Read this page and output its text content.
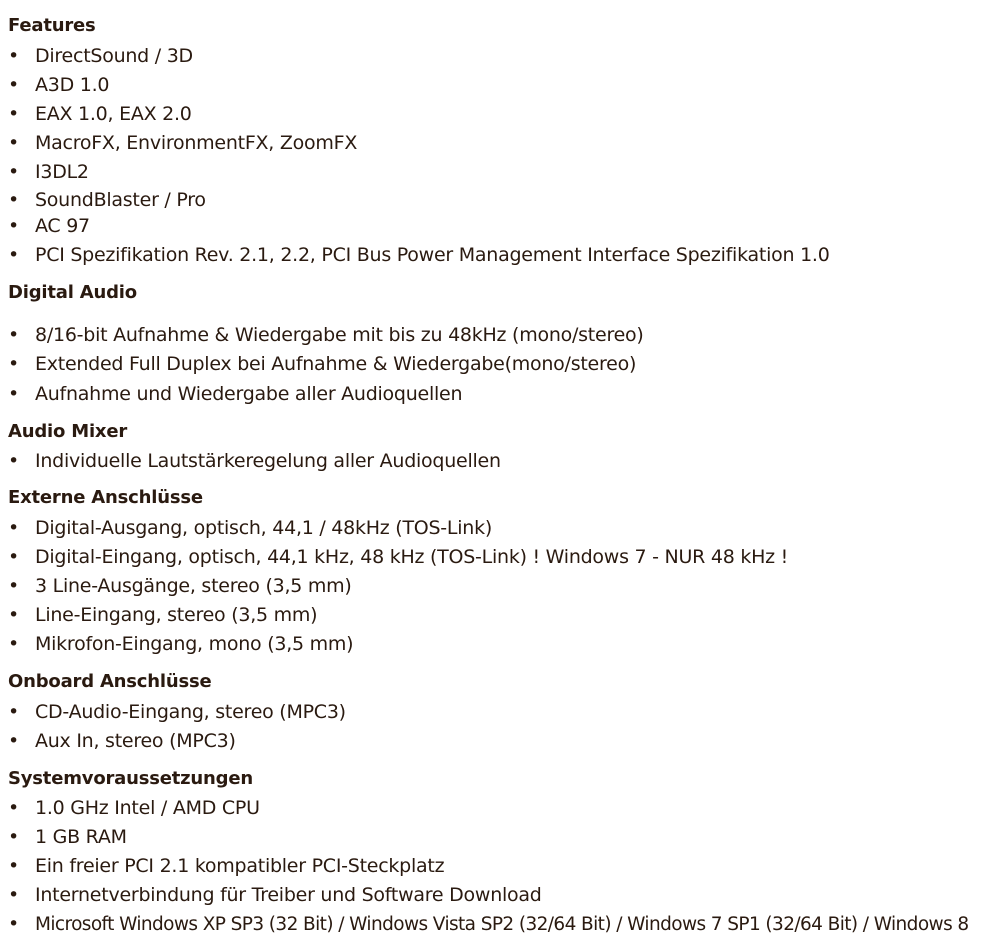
Features
• DirectSound / 3D
• A3D 1.0
• EAX 1.0, EAX 2.0
• MacroFX, EnvironmentFX, ZoomFX
• I3DL2
• SoundBlaster / Pro
• AC 97
• PCI Spezifikation Rev. 2.1, 2.2, PCI Bus Power Management Interface Spezifikation 1.0
Digital Audio
• 8/16-bit Aufnahme & Wiedergabe mit bis zu 48kHz (mono/stereo)
• Extended Full Duplex bei Aufnahme & Wiedergabe(mono/stereo)
• Aufnahme und Wiedergabe aller Audioquellen
Audio Mixer
• Individuelle Lautstärkeregelung aller Audioquellen
Externe Anschlüsse
• Digital-Ausgang, optisch, 44,1 / 48kHz (TOS-Link)
• Digital-Eingang, optisch, 44,1 kHz, 48 kHz (TOS-Link) ! Windows 7 - NUR 48 kHz !
• 3 Line-Ausgänge, stereo (3,5 mm)
• Line-Eingang, stereo (3,5 mm)
• Mikrofon-Eingang, mono (3,5 mm)
Onboard Anschlüsse
• CD-Audio-Eingang, stereo (MPC3)
• Aux In, stereo (MPC3)
Systemvoraussetzungen
• 1.0 GHz Intel / AMD CPU
• 1 GB RAM
• Ein freier PCI 2.1 kompatibler PCI-Steckplatz
• Internetverbindung für Treiber und Software Download
• Microsoft Windows XP SP3 (32 Bit) / Windows Vista SP2 (32/64 Bit) / Windows 7 SP1 (32/64 Bit) / Windows 8
